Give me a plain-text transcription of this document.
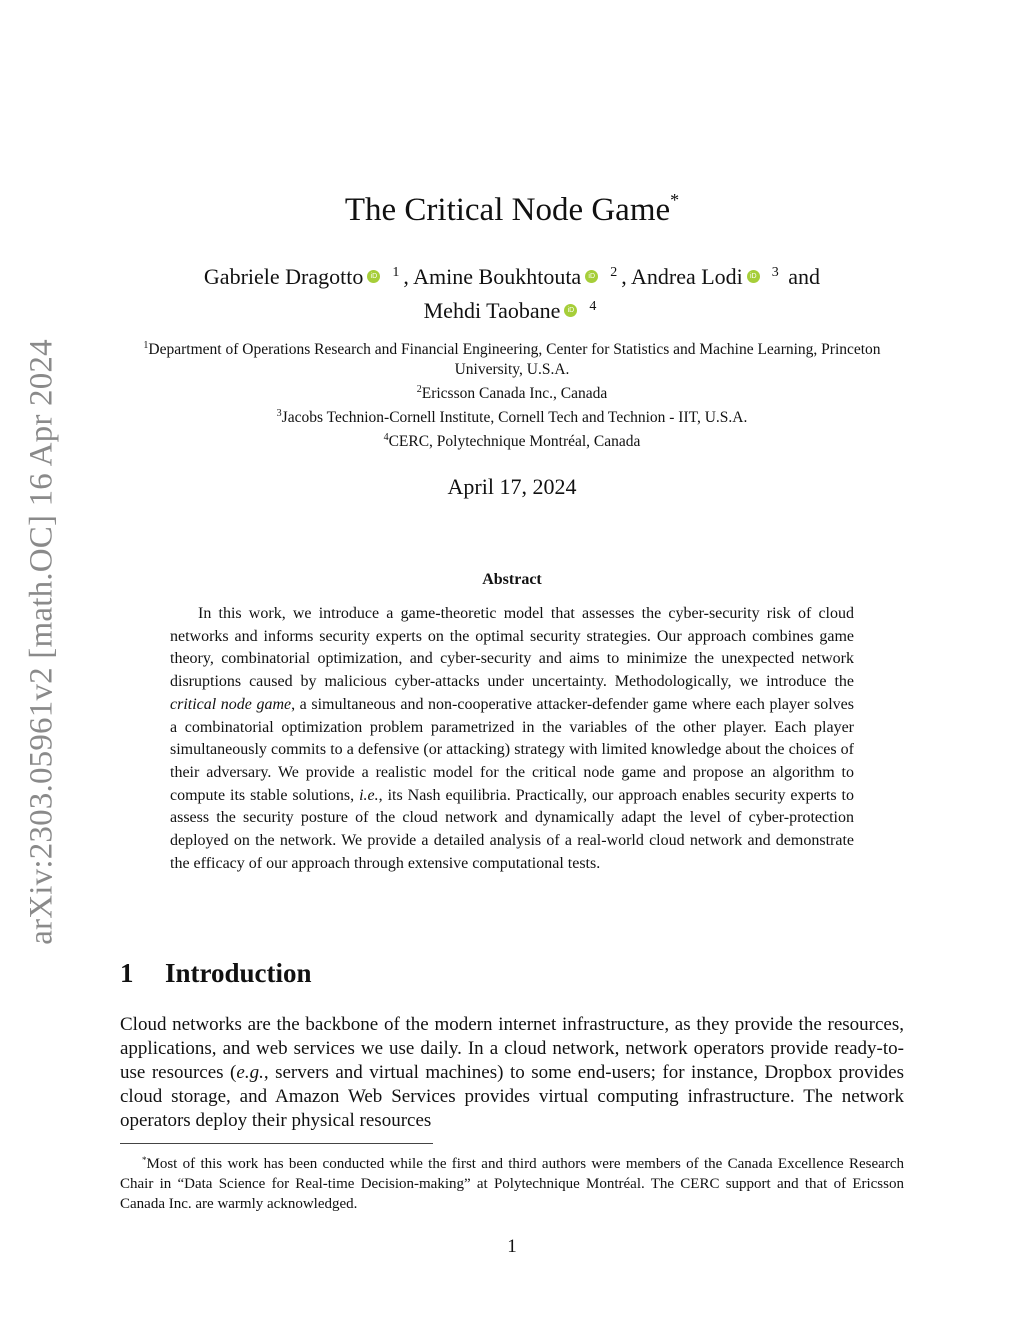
arXiv:2303.05961v2 [math.OC] 16 Apr 2024
The Critical Node Game*
Gabriele Dragotto iD $^1$ , Amine Boukhtouta iD $^2$ , Andrea Lodi iD $^3$ and
Mehdi Taobane iD $^4$
$^1$Department of Operations Research and Financial Engineering, Center for Statistics and Machine Learning, Princeton University, U.S.A.
$^2$Ericsson Canada Inc., Canada
$^3$Jacobs Technion-Cornell Institute, Cornell Tech and Technion - IIT, U.S.A.
$^4$CERC, Polytechnique Montréal, Canada
April 17, 2024
Abstract

In this work, we introduce a game-theoretic model that assesses the cyber-security risk of cloud networks and informs security experts on the optimal security strategies. Our approach combines game theory, combinatorial optimization, and cyber-security and aims to minimize the unexpected network disruptions caused by malicious cyber-attacks under uncertainty. Methodologically, we introduce the critical node game, a simultaneous and non-cooperative attacker-defender game where each player solves a combinatorial optimization problem parametrized in the variables of the other player. Each player simultaneously commits to a defensive (or attacking) strategy with limited knowledge about the choices of their adversary. We provide a realistic model for the critical node game and propose an algorithm to compute its stable solutions, i.e., its Nash equilibria. Practically, our approach enables security experts to assess the security posture of the cloud network and dynamically adapt the level of cyber-protection deployed on the network. We provide a detailed analysis of a real-world cloud network and demonstrate the efficacy of our approach through extensive computational tests.

1 Introduction

Cloud networks are the backbone of the modern internet infrastructure, as they provide the resources, applications, and web services we use daily. In a cloud network, network operators provide ready-to-use resources (e.g., servers and virtual machines) to some end-users; for instance, Dropbox provides cloud storage, and Amazon Web Services provides virtual computing infrastructure. The network operators deploy their physical resources

*Most of this work has been conducted while the first and third authors were members of the Canada Excellence Research Chair in “Data Science for Real-time Decision-making” at Polytechnique Montréal. The CERC support and that of Ericsson Canada Inc. are warmly acknowledged.

1
